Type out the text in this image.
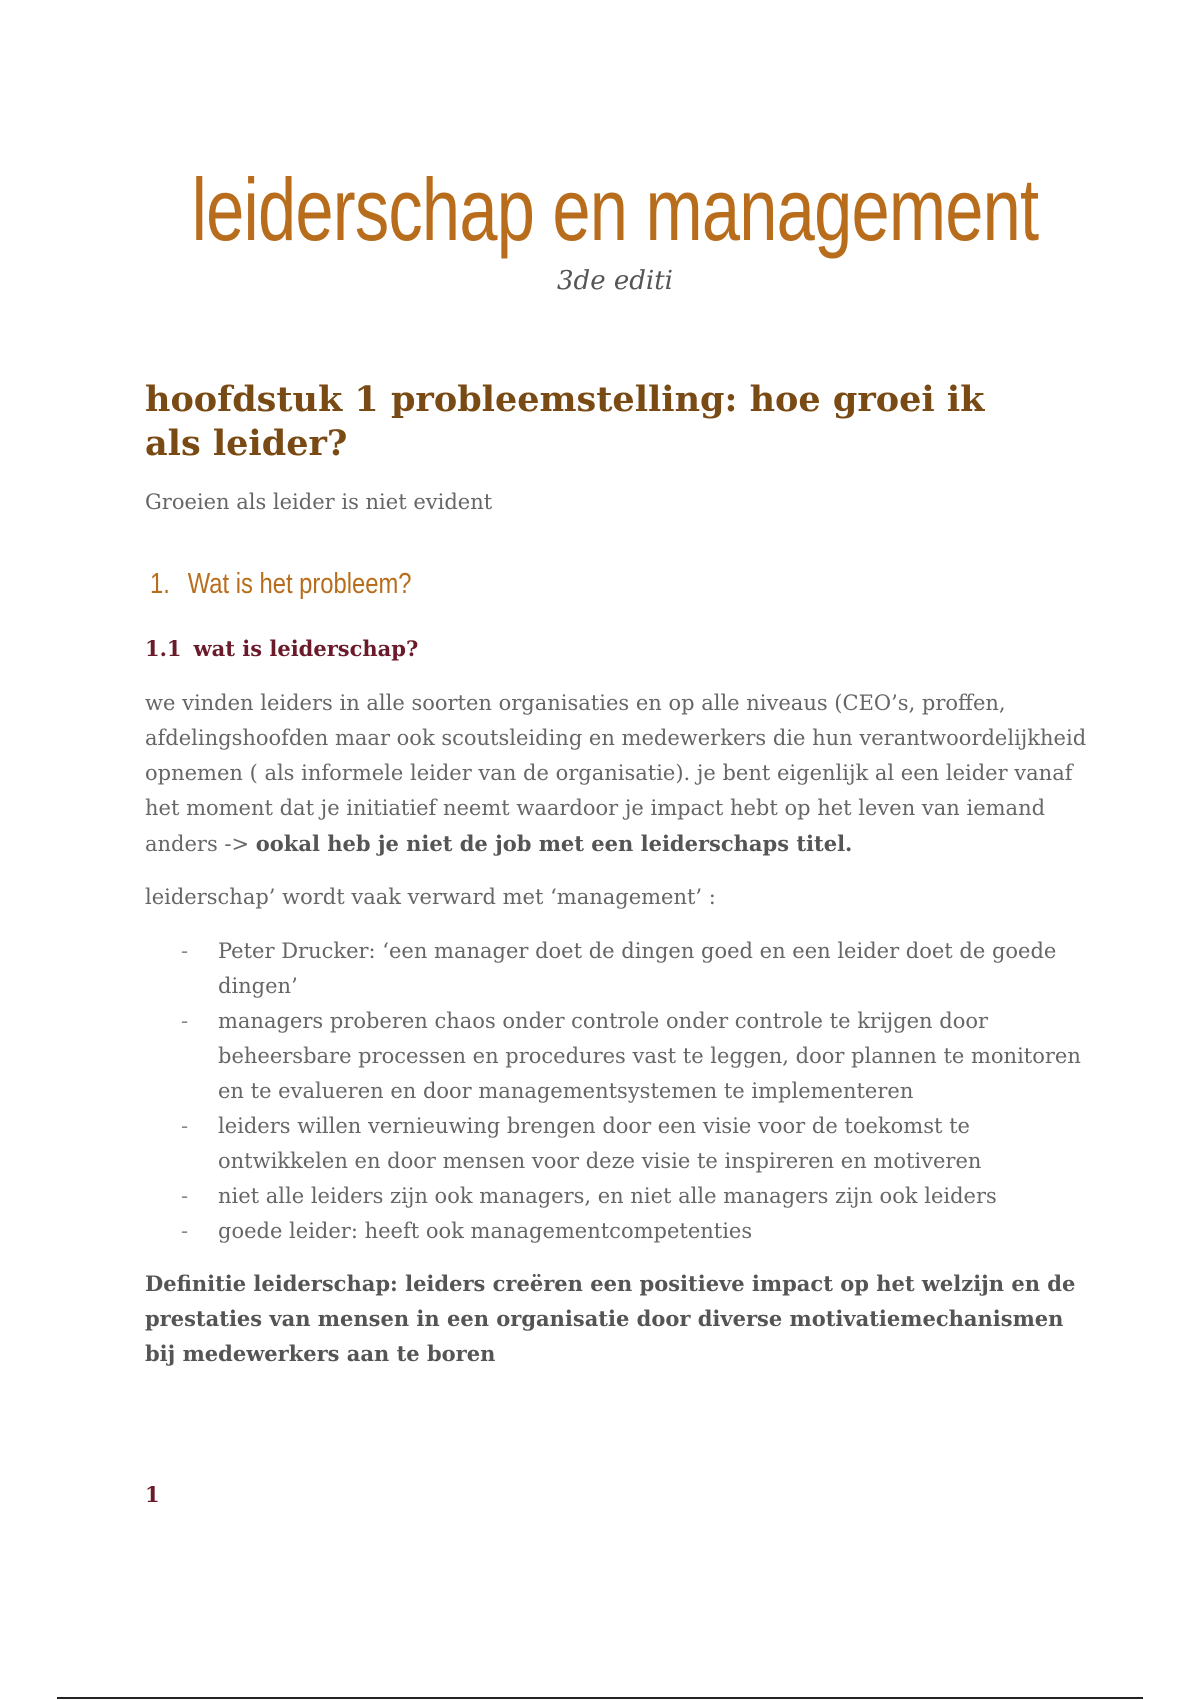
leiderschap en management
3de editi
hoofdstuk 1 probleemstelling: hoe groei ik als leider?
Groeien als leider is niet evident
1. Wat is het probleem?
1.1 wat is leiderschap?
we vinden leiders in alle soorten organisaties en op alle niveaus (CEO’s, proffen, afdelingshoofden maar ook scoutsleiding en medewerkers die hun verantwoordelijkheid opnemen ( als informele leider van de organisatie). je bent eigenlijk al een leider vanaf het moment dat je initiatief neemt waardoor je impact hebt op het leven van iemand anders -> ookal heb je niet de job met een leiderschaps titel.
leiderschap’ wordt vaak verward met ‘management’ :
- Peter Drucker: ‘een manager doet de dingen goed en een leider doet de goede dingen’
- managers proberen chaos onder controle onder controle te krijgen door beheersbare processen en procedures vast te leggen, door plannen te monitoren en te evalueren en door managementsystemen te implementeren
- leiders willen vernieuwing brengen door een visie voor de toekomst te ontwikkelen en door mensen voor deze visie te inspireren en motiveren
- niet alle leiders zijn ook managers, en niet alle managers zijn ook leiders
- goede leider: heeft ook managementcompetenties
Definitie leiderschap: leiders creëren een positieve impact op het welzijn en de prestaties van mensen in een organisatie door diverse motivatiemechanismen bij medewerkers aan te boren
1
